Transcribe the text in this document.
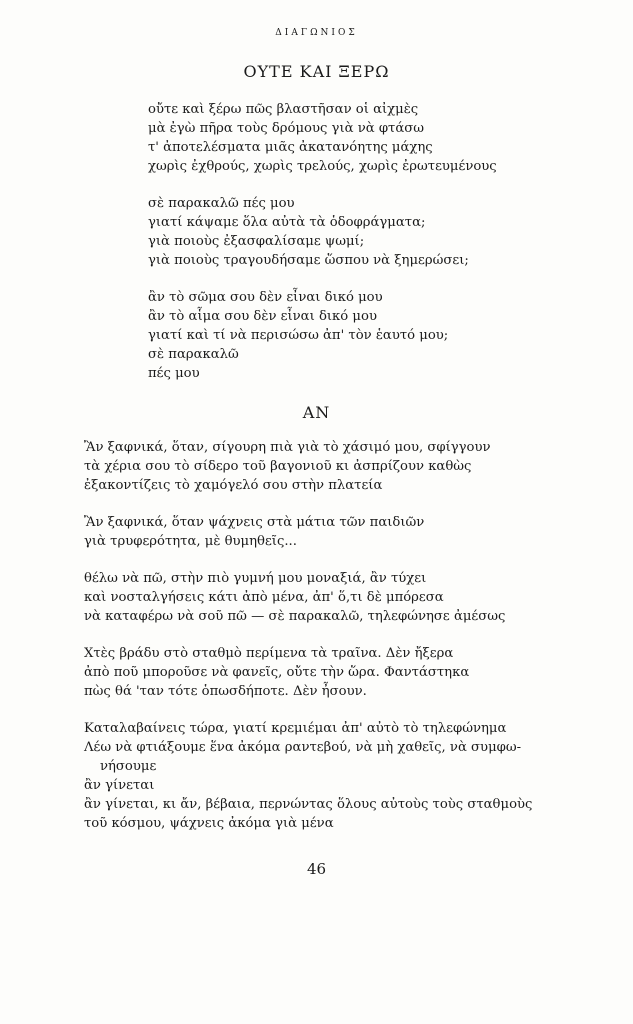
ΔΙΑΓΩΝΙΟΣ
ΟΥΤΕ ΚΑΙ ΞΕΡΩ
οὔτε καὶ ξέρω πῶς βλαστῆσαν οἱ αἰχμὲς
μὰ ἐγὼ πῆρα τοὺς δρόμους γιὰ νὰ φτάσω
τ' ἀποτελέσματα μιᾶς ἀκατανόητης μάχης
χωρὶς ἐχθρούς, χωρὶς τρελούς, χωρὶς ἐρωτευμένους
σὲ παρακαλῶ πές μου
γιατί κάψαμε ὅλα αὐτὰ τὰ ὁδοφράγματα;
γιὰ ποιοὺς ἐξασφαλίσαμε ψωμί;
γιὰ ποιοὺς τραγουδήσαμε ὥσπου νὰ ξημερώσει;
ἂν τὸ σῶμα σου δὲν εἶναι δικό μου
ἂν τὸ αἷμα σου δὲν εἶναι δικό μου
γιατί καὶ τί νὰ περισώσω ἀπ' τὸν ἑαυτό μου;
σὲ παρακαλῶ
πές μου
ΑΝ
Ἂν ξαφνικά, ὅταν, σίγουρη πιὰ γιὰ τὸ χάσιμό μου, σφίγγουν
τὰ χέρια σου τὸ σίδερο τοῦ βαγονιοῦ κι ἀσπρίζουν καθὼς
ἐξακοντίζεις τὸ χαμόγελό σου στὴν πλατεία
Ἂν ξαφνικά, ὅταν ψάχνεις στὰ μάτια τῶν παιδιῶν
γιὰ τρυφερότητα, μὲ θυμηθεῖς...
θέλω νὰ πῶ, στὴν πιὸ γυμνή μου μοναξιά, ἂν τύχει
καὶ νοσταλγήσεις κάτι ἀπὸ μένα, ἀπ' ὅ,τι δὲ μπόρεσα
νὰ καταφέρω νὰ σοῦ πῶ — σὲ παρακαλῶ, τηλεφώνησε ἀμέσως
Χτὲς βράδυ στὸ σταθμὸ περίμενα τὰ τραῖνα. Δὲν ἤξερα
ἀπὸ ποῦ μποροῦσε νὰ φανεῖς, οὔτε τὴν ὥρα. Φαντάστηκα
πὼς θά 'ταν τότε ὁπωσδήποτε. Δὲν ἦσουν.
Καταλαβαίνεις τώρα, γιατί κρεμιέμαι ἀπ' αὐτὸ τὸ τηλεφώνημα
Λέω νὰ φτιάξουμε ἕνα ἀκόμα ραντεβού, νὰ μὴ χαθεῖς, νὰ συμφω-
νήσουμε
ἂν γίνεται
ἂν γίνεται, κι ἄν, βέβαια, περνώντας ὅλους αὐτοὺς τοὺς σταθμοὺς
τοῦ κόσμου, ψάχνεις ἀκόμα γιὰ μένα
46
